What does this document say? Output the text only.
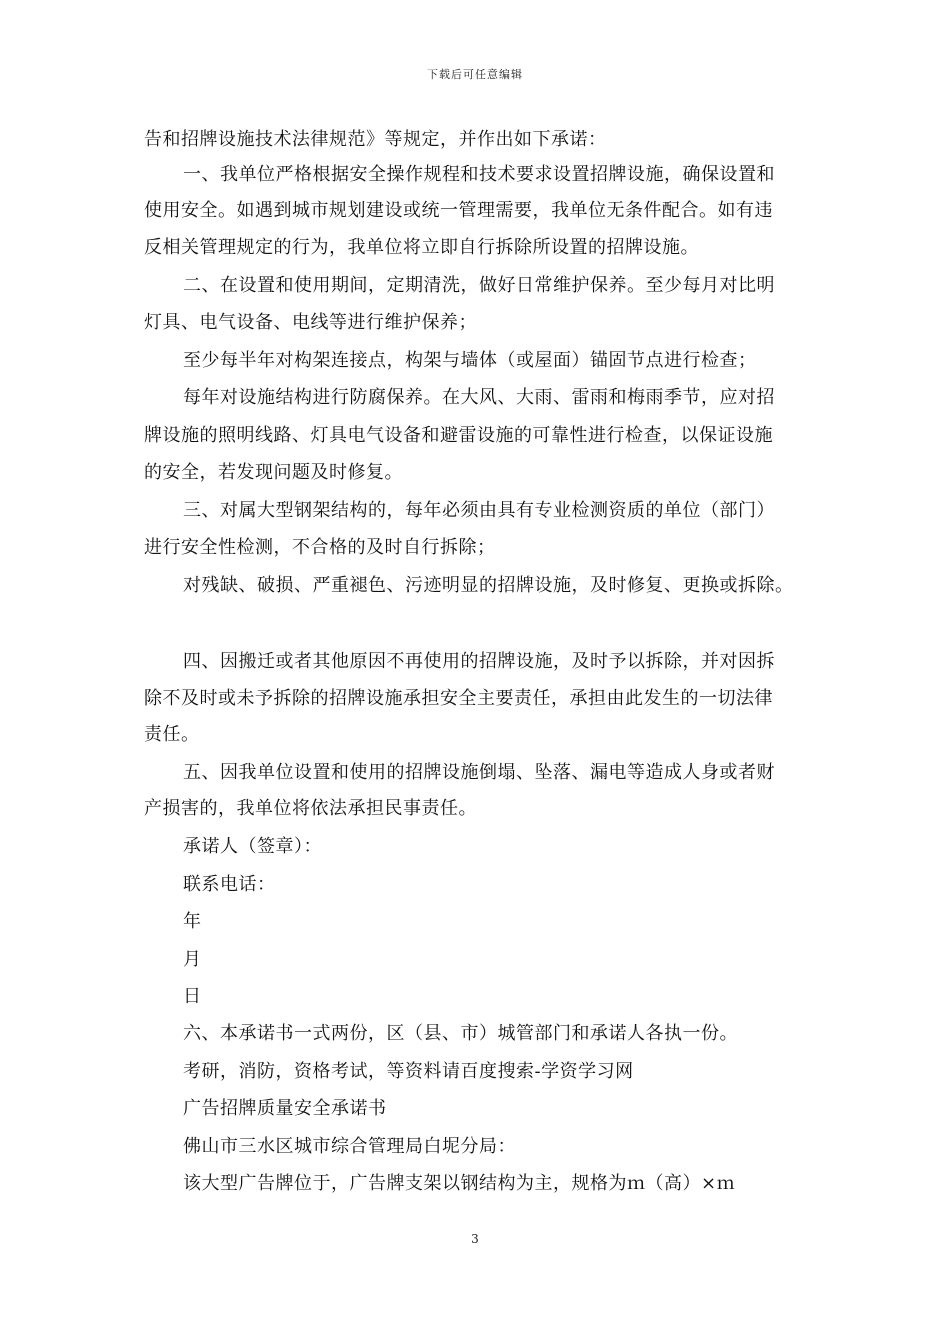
下载后可任意编辑
告和招牌设施技术法律规范》等规定，并作出如下承诺：
一、我单位严格根据安全操作规程和技术要求设置招牌设施，确保设置和
使用安全。如遇到城市规划建设或统一管理需要，我单位无条件配合。如有违
反相关管理规定的行为，我单位将立即自行拆除所设置的招牌设施。
二、在设置和使用期间，定期清洗，做好日常维护保养。至少每月对比明
灯具、电气设备、电线等进行维护保养；
至少每半年对构架连接点，构架与墙体（或屋面）锚固节点进行检查；
每年对设施结构进行防腐保养。在大风、大雨、雷雨和梅雨季节，应对招
牌设施的照明线路、灯具电气设备和避雷设施的可靠性进行检查，以保证设施
的安全，若发现问题及时修复。
三、对属大型钢架结构的，每年必须由具有专业检测资质的单位（部门）
进行安全性检测，不合格的及时自行拆除；
对残缺、破损、严重褪色、污迹明显的招牌设施，及时修复、更换或拆除。
四、因搬迁或者其他原因不再使用的招牌设施，及时予以拆除，并对因拆
除不及时或未予拆除的招牌设施承担安全主要责任，承担由此发生的一切法律
责任。
五、因我单位设置和使用的招牌设施倒塌、坠落、漏电等造成人身或者财
产损害的，我单位将依法承担民事责任。
承诺人（签章）：
联系电话：
年
月
日
六、本承诺书一式两份，区（县、市）城管部门和承诺人各执一份。
考研，消防，资格考试，等资料请百度搜索-学资学习网
广告招牌质量安全承诺书
佛山市三水区城市综合管理局白坭分局：
该大型广告牌位于，广告牌支架以钢结构为主，规格为ｍ（高）×ｍ
3
